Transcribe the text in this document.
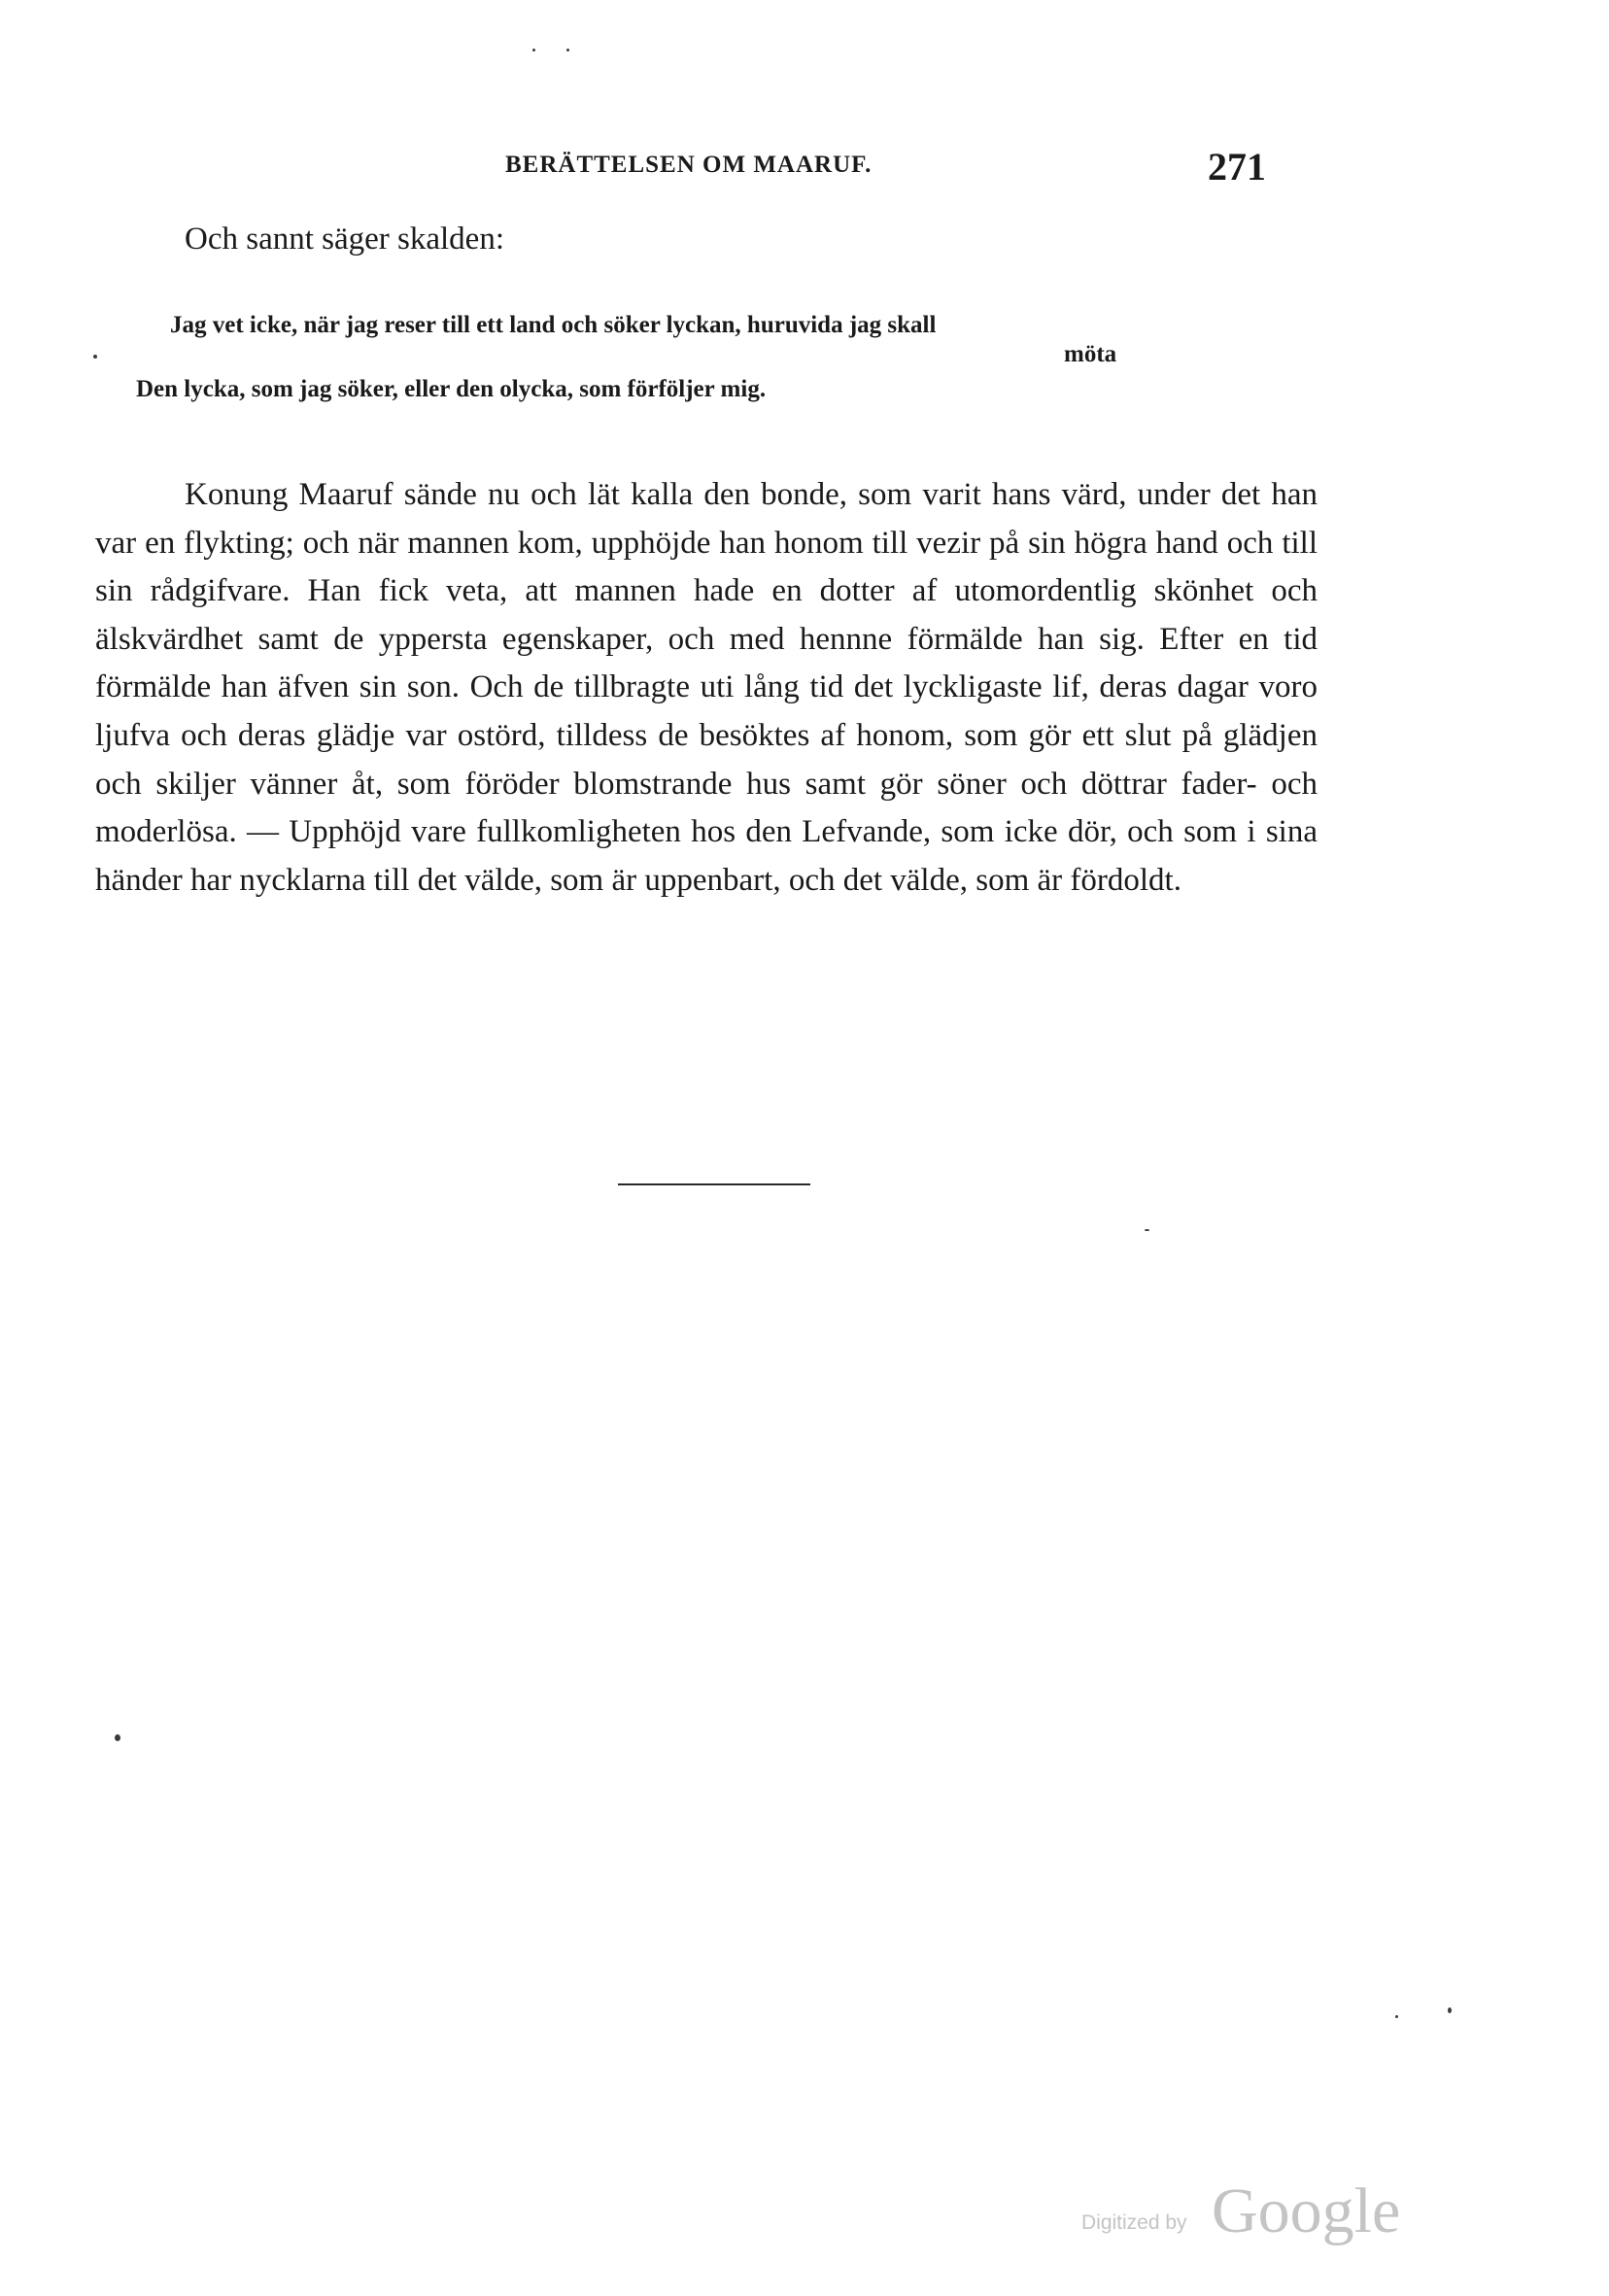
BERÄTTELSEN OM MAARUF.	271
Och sannt säger skalden:
Jag vet icke, när jag reser till ett land och söker lyckan, huruvida jag skall
möta
Den lycka, som jag söker, eller den olycka, som förföljer mig.

Konung Maaruf sände nu och lät kalla den bonde, som varit hans värd, under det han var en flykting; och när mannen kom, upphöjde han honom till vezir på sin högra hand och till sin rådgifvare. Han fick veta, att mannen hade en dotter af utomordentlig skönhet och älskvärdhet samt de yppersta egenskaper, och med hennne förmälde han sig. Efter en tid förmälde han äfven sin son. Och de tillbragte uti lång tid det lyckligaste lif, deras dagar voro ljufva och deras glädje var ostörd, tilldess de besöktes af honom, som gör ett slut på glädjen och skiljer vänner åt, som föröder blomstrande hus samt gör söner och döttrar fader- och moderlösa. — Upphöjd vare fullkomligheten hos den Lefvande, som icke dör, och som i sina händer har nycklarna till det välde, som är uppenbart, och det välde, som är fördoldt.

Digitized by Google
